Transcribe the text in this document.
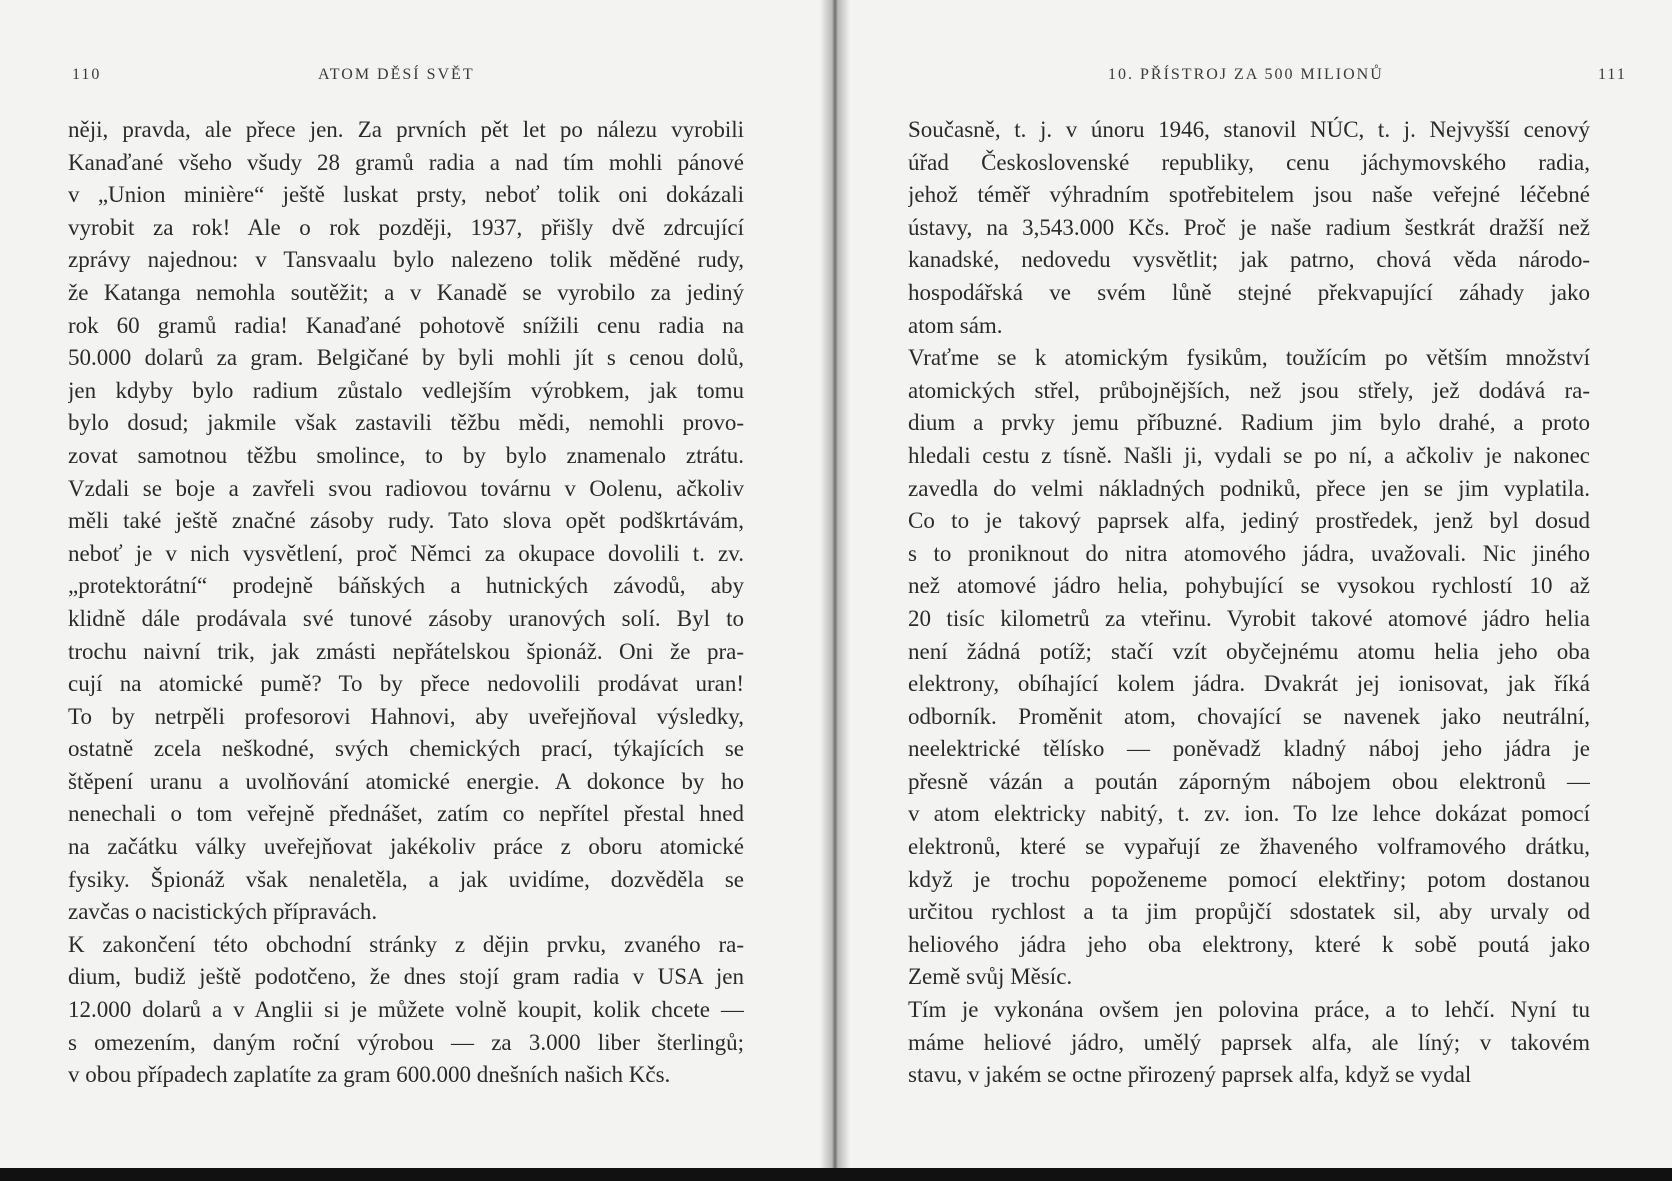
110	ATOM DĚSÍ SVĚT
něji, pravda, ale přece jen. Za prvních pět let po nálezu vyrobili
Kanaďané všeho všudy 28 gramů radia a nad tím mohli pánové
v „Union minière“ ještě luskat prsty, neboť tolik oni dokázali
vyrobit za rok! Ale o rok později, 1937, přišly dvě zdrcující
zprávy najednou: v Tansvaalu bylo nalezeno tolik měděné rudy,
že Katanga nemohla soutěžit; a v Kanadě se vyrobilo za jediný
rok 60 gramů radia! Kanaďané pohotově snížili cenu radia na
50.000 dolarů za gram. Belgičané by byli mohli jít s cenou dolů,
jen kdyby bylo radium zůstalo vedlejším výrobkem, jak tomu
bylo dosud; jakmile však zastavili těžbu mědi, nemohli provo-
zovat samotnou těžbu smolince, to by bylo znamenalo ztrátu.
Vzdali se boje a zavřeli svou radiovou továrnu v Oolenu, ačkoliv
měli také ještě značné zásoby rudy. Tato slova opět podškrtávám,
neboť je v nich vysvětlení, proč Němci za okupace dovolili t. zv.
„protektorátní“ prodejně báňských a hutnických závodů, aby
klidně dále prodávala své tunové zásoby uranových solí. Byl to
trochu naivní trik, jak zmásti nepřátelskou špionáž. Oni že pra-
cují na atomické pumě? To by přece nedovolili prodávat uran!
To by netrpěli profesorovi Hahnovi, aby uveřejňoval výsledky,
ostatně zcela neškodné, svých chemických prací, týkajících se
štěpení uranu a uvolňování atomické energie. A dokonce by ho
nenechali o tom veřejně přednášet, zatím co nepřítel přestal hned
na začátku války uveřejňovat jakékoliv práce z oboru atomické
fysiky. Špionáž však nenaletěla, a jak uvidíme, dozvěděla se
zavčas o nacistických přípravách.
K zakončení této obchodní stránky z dějin prvku, zvaného ra-
dium, budiž ještě podotčeno, že dnes stojí gram radia v USA jen
12.000 dolarů a v Anglii si je můžete volně koupit, kolik chcete —
s omezením, daným roční výrobou — za 3.000 liber šterlingů;
v obou případech zaplatíte za gram 600.000 dnešních našich Kčs.
10. PŘÍSTROJ ZA 500 MILIONŮ	111
Současně, t. j. v únoru 1946, stanovil NÚC, t. j. Nejvyšší cenový
úřad Československé republiky, cenu jáchymovského radia,
jehož téměř výhradním spotřebitelem jsou naše veřejné léčebné
ústavy, na 3,543.000 Kčs. Proč je naše radium šestkrát dražší než
kanadské, nedovedu vysvětlit; jak patrno, chová věda národo-
hospodářská ve svém lůně stejné překvapující záhady jako
atom sám.
Vraťme se k atomickým fysikům, toužícím po větším množství
atomických střel, průbojnějších, než jsou střely, jež dodává ra-
dium a prvky jemu příbuzné. Radium jim bylo drahé, a proto
hledali cestu z tísně. Našli ji, vydali se po ní, a ačkoliv je nakonec
zavedla do velmi nákladných podniků, přece jen se jim vyplatila.
Co to je takový paprsek alfa, jediný prostředek, jenž byl dosud
s to proniknout do nitra atomového jádra, uvažovali. Nic jiného
než atomové jádro helia, pohybující se vysokou rychlostí 10 až
20 tisíc kilometrů za vteřinu. Vyrobit takové atomové jádro helia
není žádná potíž; stačí vzít obyčejnému atomu helia jeho oba
elektrony, obíhající kolem jádra. Dvakrát jej ionisovat, jak říká
odborník. Proměnit atom, chovající se navenek jako neutrální,
neelektrické tělísko — poněvadž kladný náboj jeho jádra je
přesně vázán a poután záporným nábojem obou elektronů —
v atom elektricky nabitý, t. zv. ion. To lze lehce dokázat pomocí
elektronů, které se vypařují ze žhaveného volframového drátku,
když je trochu popoženeme pomocí elektřiny; potom dostanou
určitou rychlost a ta jim propůjčí sdostatek sil, aby urvaly od
heliového jádra jeho oba elektrony, které k sobě poutá jako
Země svůj Měsíc.
Tím je vykonána ovšem jen polovina práce, a to lehčí. Nyní tu
máme heliové jádro, umělý paprsek alfa, ale líný; v takovém
stavu, v jakém se octne přirozený paprsek alfa, když se vydal
